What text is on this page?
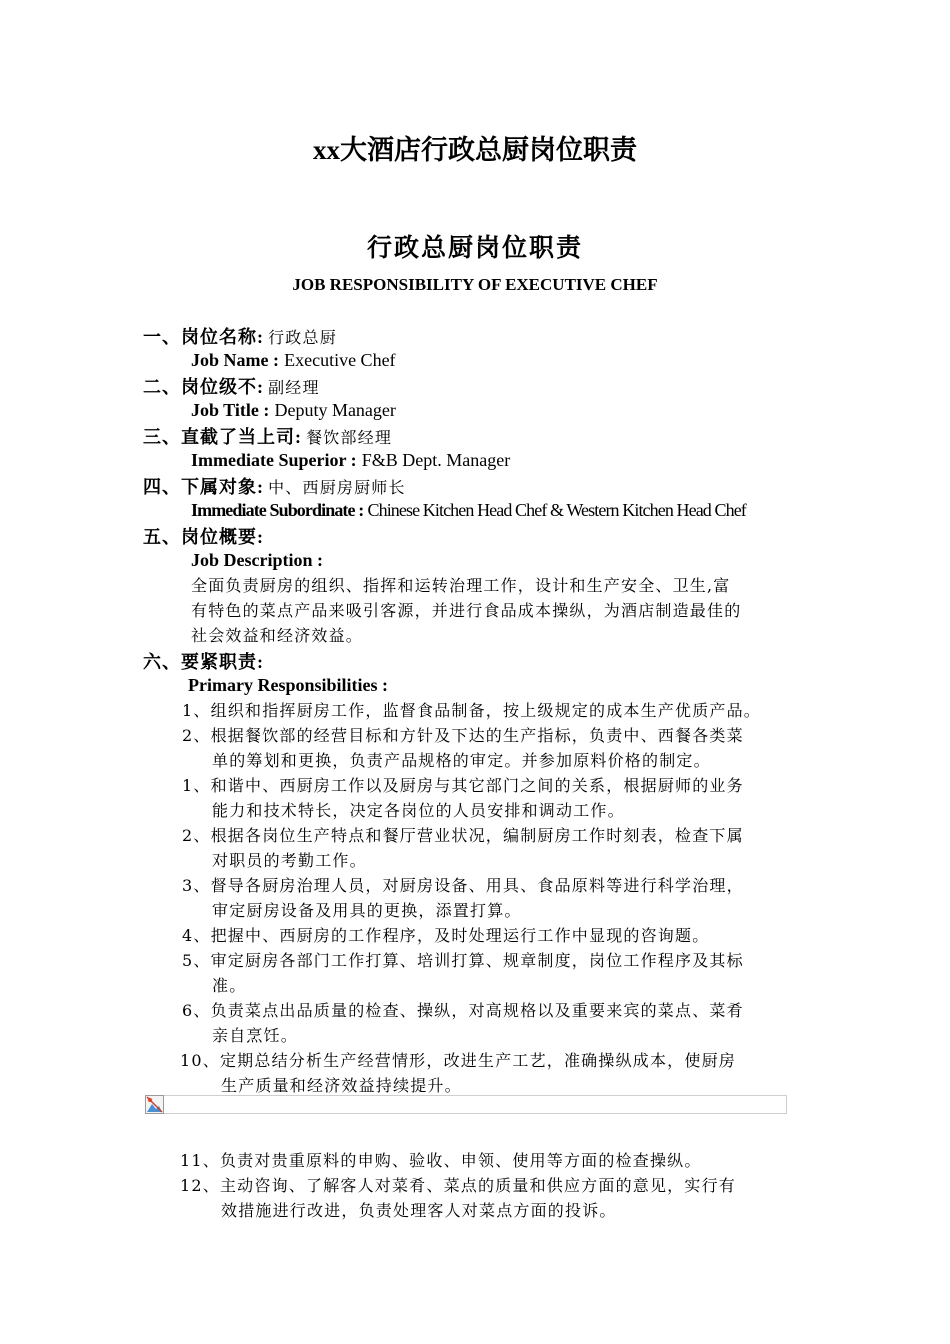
xx大酒店行政总厨岗位职责
行政总厨岗位职责
JOB RESPONSIBILITY OF EXECUTIVE CHEF
一、岗位名称: 行政总厨
Job Name : Executive Chef
二、岗位级不: 副经理
Job Title : Deputy Manager
三、直截了当上司: 餐饮部经理
Immediate Superior : F&B Dept. Manager
四、下属对象: 中、西厨房厨师长
Immediate Subordinate : Chinese Kitchen Head Chef & Western Kitchen Head Chef
五、岗位概要:
Job Description :
全面负责厨房的组织、指挥和运转治理工作，设计和生产安全、卫生,富
有特色的菜点产品来吸引客源，并进行食品成本操纵，为酒店制造最佳的
社会效益和经济效益。
六、要紧职责:
Primary Responsibilities :
1、组织和指挥厨房工作，监督食品制备，按上级规定的成本生产优质产品。
2、根据餐饮部的经营目标和方针及下达的生产指标，负责中、西餐各类菜
单的筹划和更换，负责产品规格的审定。并参加原料价格的制定。
1、和谐中、西厨房工作以及厨房与其它部门之间的关系，根据厨师的业务
能力和技术特长，决定各岗位的人员安排和调动工作。
2、根据各岗位生产特点和餐厅营业状况，编制厨房工作时刻表，检查下属
对职员的考勤工作。
3、督导各厨房治理人员，对厨房设备、用具、食品原料等进行科学治理，
审定厨房设备及用具的更换，添置打算。
4、把握中、西厨房的工作程序，及时处理运行工作中显现的咨询题。
5、审定厨房各部门工作打算、培训打算、规章制度，岗位工作程序及其标
准。
6、负责菜点出品质量的检查、操纵，对高规格以及重要来宾的菜点、菜肴
亲自烹饪。
10、定期总结分析生产经营情形，改进生产工艺，准确操纵成本，使厨房
生产质量和经济效益持续提升。
11、负责对贵重原料的申购、验收、申领、使用等方面的检查操纵。
12、主动咨询、了解客人对菜肴、菜点的质量和供应方面的意见，实行有
效措施进行改进，负责处理客人对菜点方面的投诉。
